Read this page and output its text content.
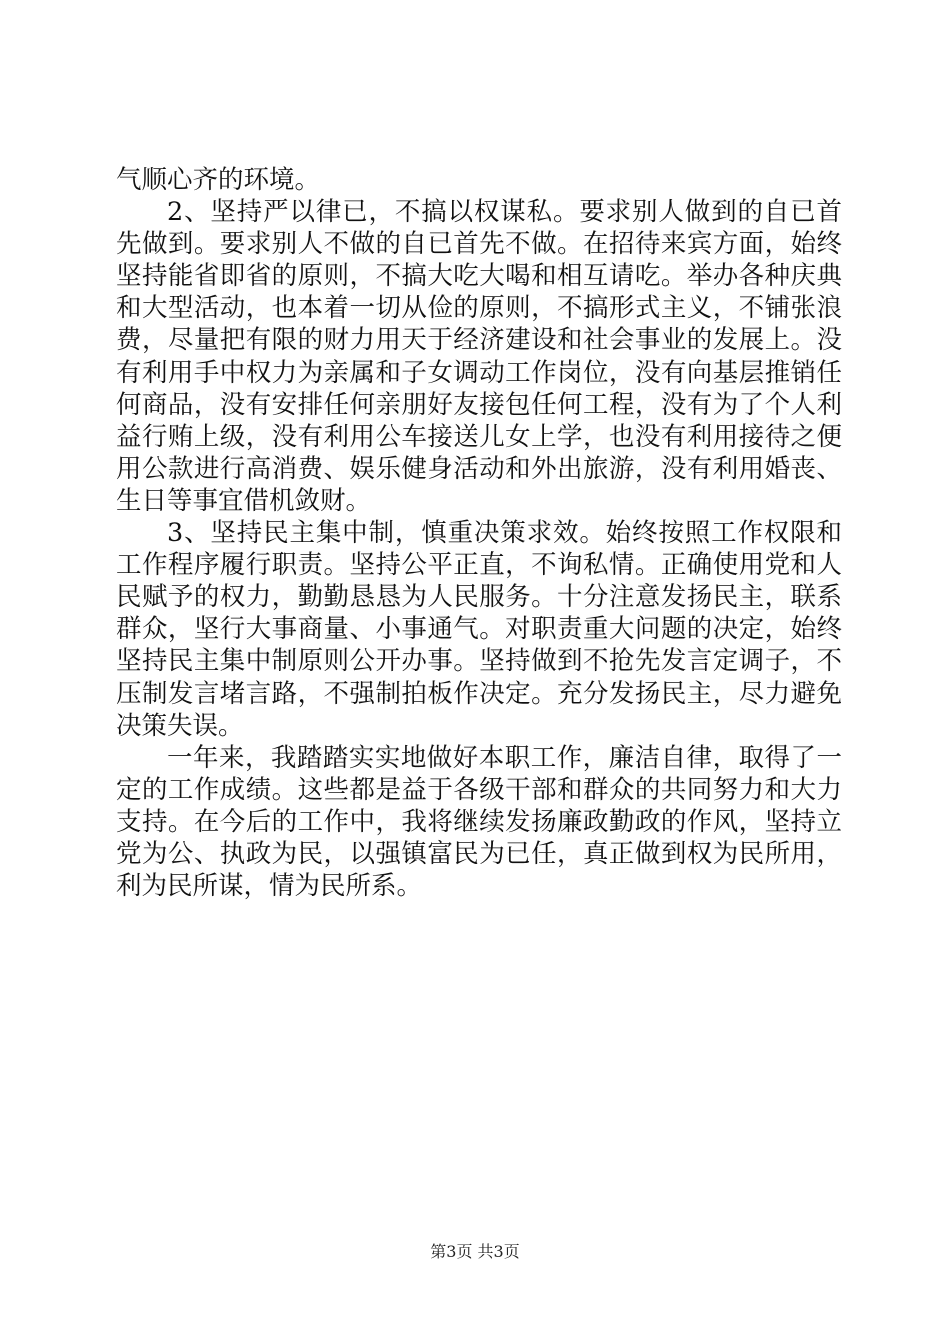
气顺心齐的环境。

2、坚持严以律已，不搞以权谋私。要求别人做到的自已首先做到。要求别人不做的自已首先不做。在招待来宾方面，始终坚持能省即省的原则，不搞大吃大喝和相互请吃。举办各种庆典和大型活动，也本着一切从俭的原则，不搞形式主义，不铺张浪费，尽量把有限的财力用天于经济建设和社会事业的发展上。没有利用手中权力为亲属和子女调动工作岗位，没有向基层推销任何商品，没有安排任何亲朋好友接包任何工程，没有为了个人利益行贿上级，没有利用公车接送儿女上学，也没有利用接待之便用公款进行高消费、娱乐健身活动和外出旅游，没有利用婚丧、生日等事宜借机敛财。

3、坚持民主集中制，慎重决策求效。始终按照工作权限和工作程序履行职责。坚持公平正直，不询私情。正确使用党和人民赋予的权力，勤勤恳恳为人民服务。十分注意发扬民主，联系群众，坚行大事商量、小事通气。对职责重大问题的决定，始终坚持民主集中制原则公开办事。坚持做到不抢先发言定调子，不压制发言堵言路，不强制拍板作决定。充分发扬民主，尽力避免决策失误。

一年来，我踏踏实实地做好本职工作，廉洁自律，取得了一定的工作成绩。这些都是益于各级干部和群众的共同努力和大力支持。在今后的工作中，我将继续发扬廉政勤政的作风，坚持立党为公、执政为民，以强镇富民为已任，真正做到权为民所用，利为民所谋，情为民所系。

第3页 共3页
